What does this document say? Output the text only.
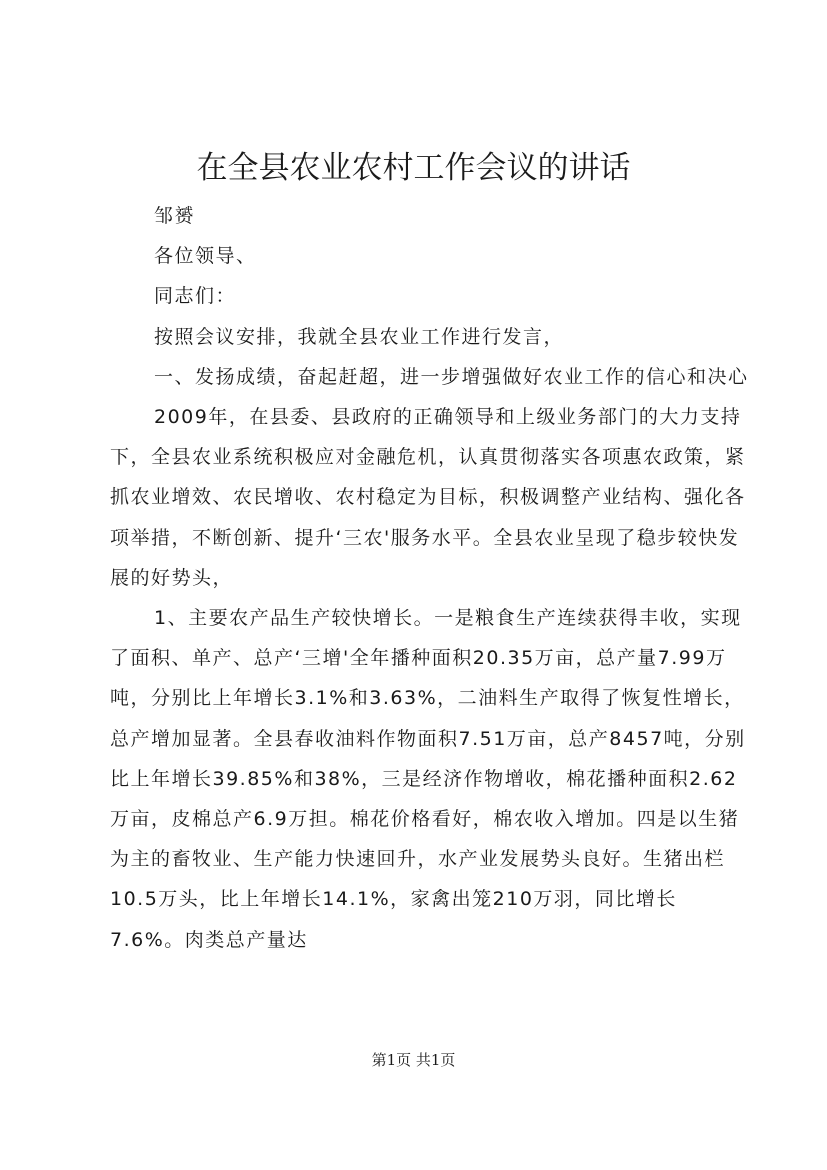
在全县农业农村工作会议的讲话

邹赟

各位领导、

同志们：

按照会议安排，我就全县农业工作进行发言，

一、发扬成绩，奋起赶超，进一步增强做好农业工作的信心和决心

2009年，在县委、县政府的正确领导和上级业务部门的大力支持下，全县农业系统积极应对金融危机，认真贯彻落实各项惠农政策，紧抓农业增效、农民增收、农村稳定为目标，积极调整产业结构、强化各项举措，不断创新、提升‘三农'服务水平。全县农业呈现了稳步较快发展的好势头，

1、主要农产品生产较快增长。一是粮食生产连续获得丰收，实现了面积、单产、总产‘三增'全年播种面积20.35万亩，总产量7.99万吨，分别比上年增长3.1%和3.63%，二油料生产取得了恢复性增长，总产增加显著。全县春收油料作物面积7.51万亩，总产8457吨，分别比上年增长39.85%和38%，三是经济作物增收，棉花播种面积2.62万亩，皮棉总产6.9万担。棉花价格看好，棉农收入增加。四是以生猪为主的畜牧业、生产能力快速回升，水产业发展势头良好。生猪出栏10.5万头，比上年增长14.1%，家禽出笼210万羽，同比增长7.6%。肉类总产量达

第1页 共1页
